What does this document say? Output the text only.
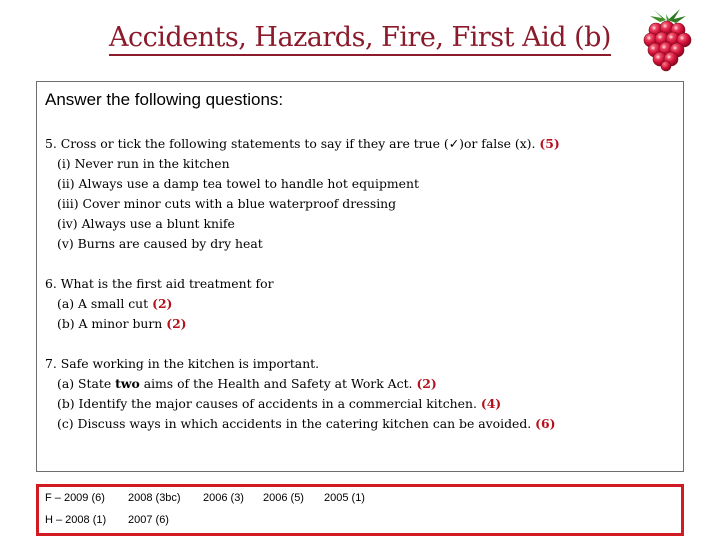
Accidents, Hazards, Fire, First Aid (b)
Answer the following questions:
5. Cross or tick the following statements to say if they are true (✓)or false (x). (5)
(i) Never run in the kitchen
(ii) Always use a damp tea towel to handle hot equipment
(iii) Cover minor cuts with a blue waterproof dressing
(iv) Always use a blunt knife
(v) Burns are caused by dry heat
6. What is the first aid treatment for
(a) A small cut (2)
(b) A minor burn (2)
7. Safe working in the kitchen is important.
(a) State two aims of the Health and Safety at Work Act. (2)
(b) Identify the major causes of accidents in a commercial kitchen. (4)
(c) Discuss ways in which accidents in the catering kitchen can be avoided. (6)
F – 2009 (6) 2008 (3bc) 2006 (3) 2006 (5) 2005 (1)
H – 2008 (1) 2007 (6)
